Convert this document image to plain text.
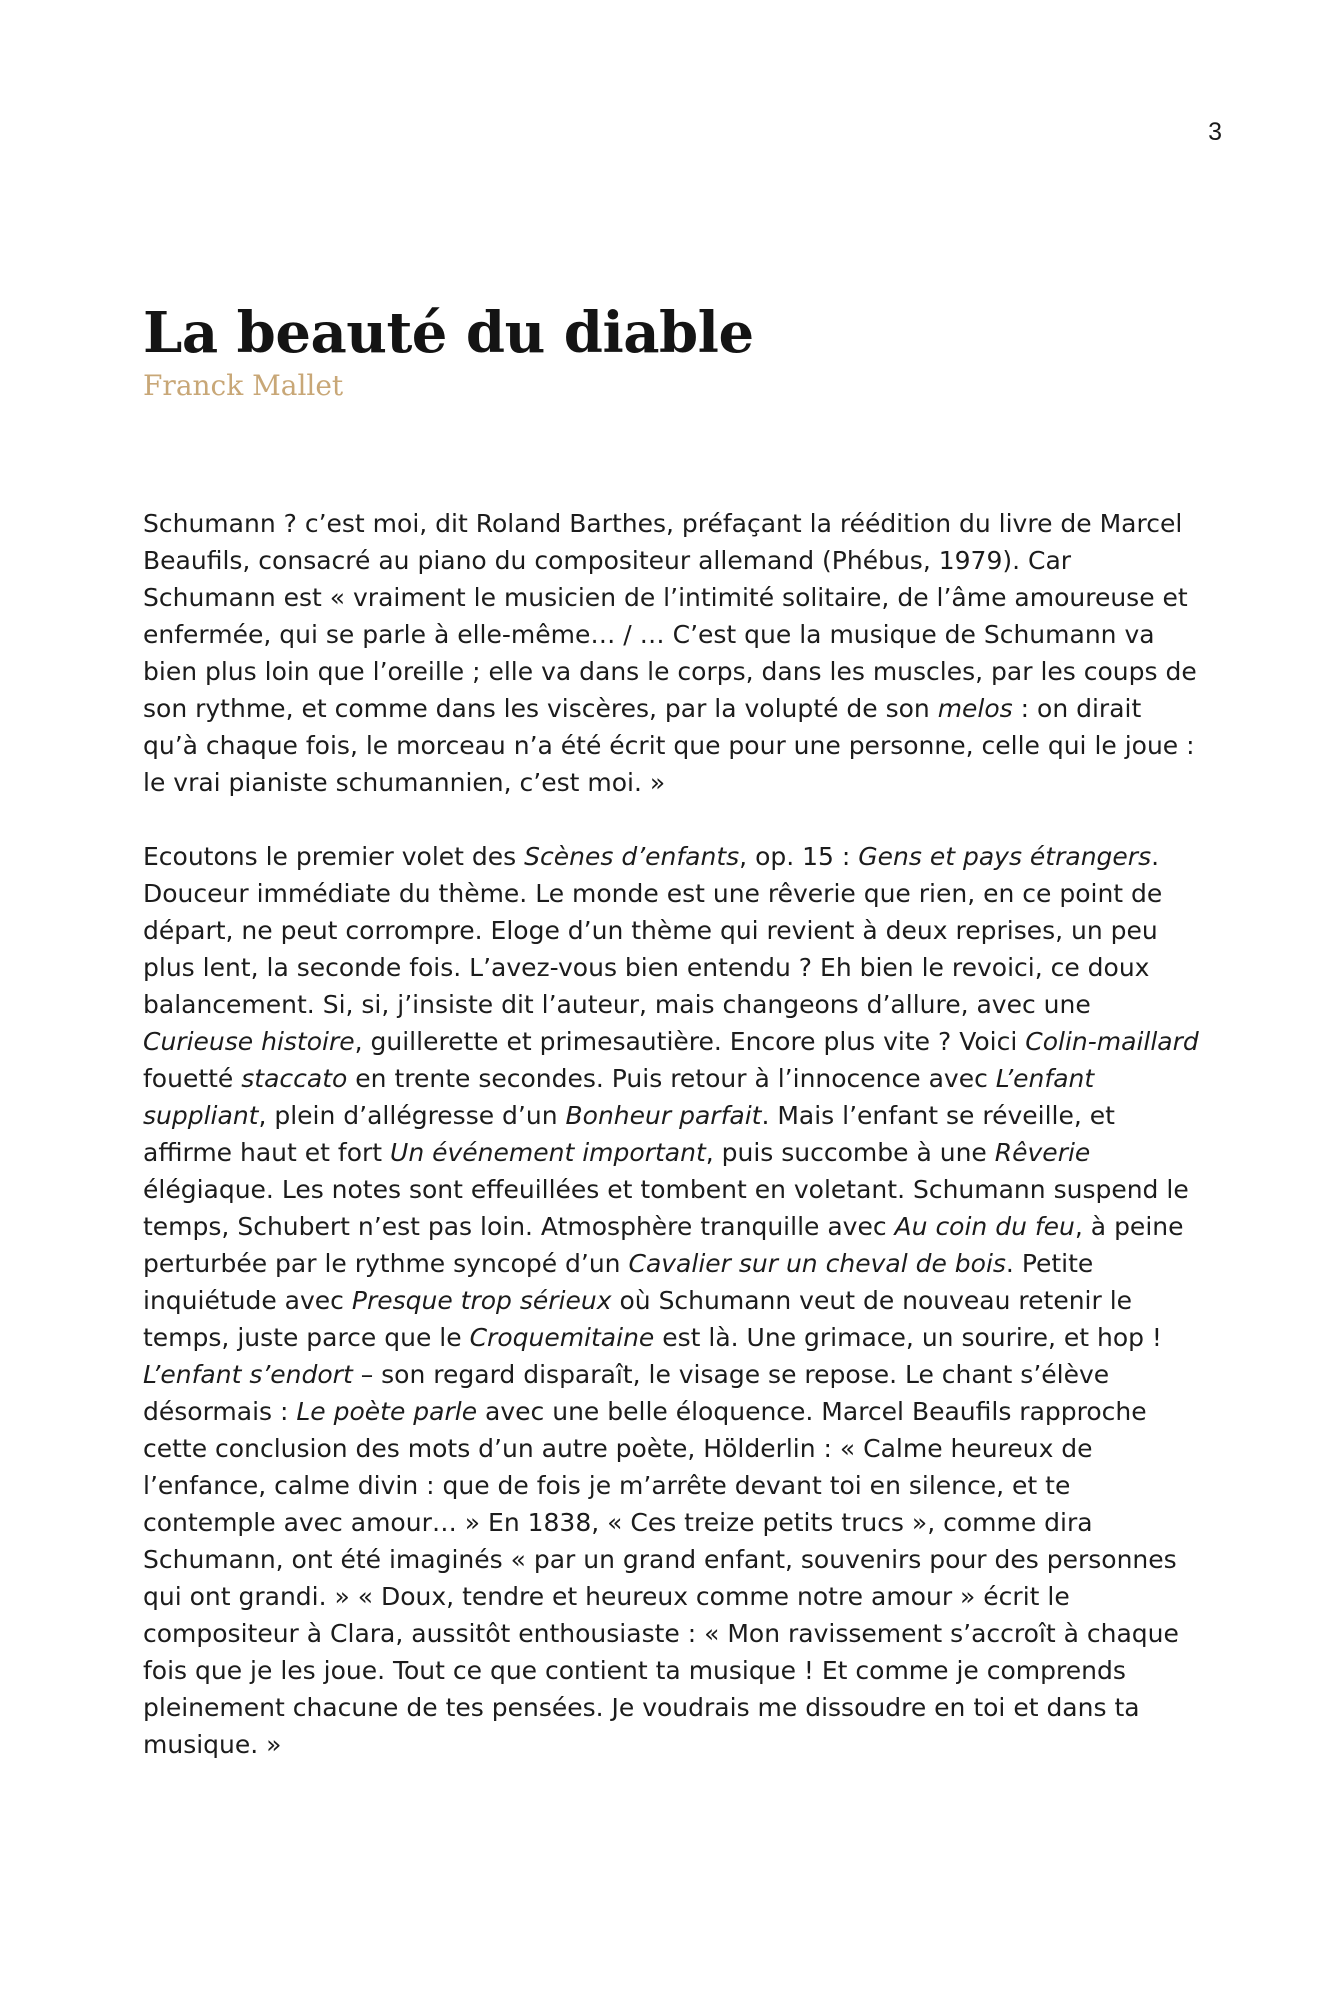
3
La beauté du diable
Franck Mallet

Schumann ? c’est moi, dit Roland Barthes, préfaçant la réédition du livre de Marcel Beaufils, consacré au piano du compositeur allemand (Phébus, 1979). Car Schumann est « vraiment le musicien de l’intimité solitaire, de l’âme amoureuse et enfermée, qui se parle à elle-même… / … C’est que la musique de Schumann va bien plus loin que l’oreille ; elle va dans le corps, dans les muscles, par les coups de son rythme, et comme dans les viscères, par la volupté de son melos : on dirait qu’à chaque fois, le morceau n’a été écrit que pour une personne, celle qui le joue : le vrai pianiste schumannien, c’est moi. »

Ecoutons le premier volet des Scènes d’enfants, op. 15 : Gens et pays étrangers. Douceur immédiate du thème. Le monde est une rêverie que rien, en ce point de départ, ne peut corrompre. Eloge d’un thème qui revient à deux reprises, un peu plus lent, la seconde fois. L’avez-vous bien entendu ? Eh bien le revoici, ce doux balancement. Si, si, j’insiste dit l’auteur, mais changeons d’allure, avec une Curieuse histoire, guillerette et primesautière. Encore plus vite ? Voici Colin-maillard fouetté staccato en trente secondes. Puis retour à l’innocence avec L’enfant suppliant, plein d’allégresse d’un Bonheur parfait. Mais l’enfant se réveille, et affirme haut et fort Un événement important, puis succombe à une Rêverie élégiaque. Les notes sont effeuillées et tombent en voletant. Schumann suspend le temps, Schubert n’est pas loin. Atmosphère tranquille avec Au coin du feu, à peine perturbée par le rythme syncopé d’un Cavalier sur un cheval de bois. Petite inquiétude avec Presque trop sérieux où Schumann veut de nouveau retenir le temps, juste parce que le Croquemitaine est là. Une grimace, un sourire, et hop ! L’enfant s’endort – son regard disparaît, le visage se repose. Le chant s’élève désormais : Le poète parle avec une belle éloquence. Marcel Beaufils rapproche cette conclusion des mots d’un autre poète, Hölderlin : « Calme heureux de l’enfance, calme divin : que de fois je m’arrête devant toi en silence, et te contemple avec amour… » En 1838, « Ces treize petits trucs », comme dira Schumann, ont été imaginés « par un grand enfant, souvenirs pour des personnes qui ont grandi. » « Doux, tendre et heureux comme notre amour » écrit le compositeur à Clara, aussitôt enthousiaste : « Mon ravissement s’accroît à chaque fois que je les joue. Tout ce que contient ta musique ! Et comme je comprends pleinement chacune de tes pensées. Je voudrais me dissoudre en toi et dans ta musique. »
